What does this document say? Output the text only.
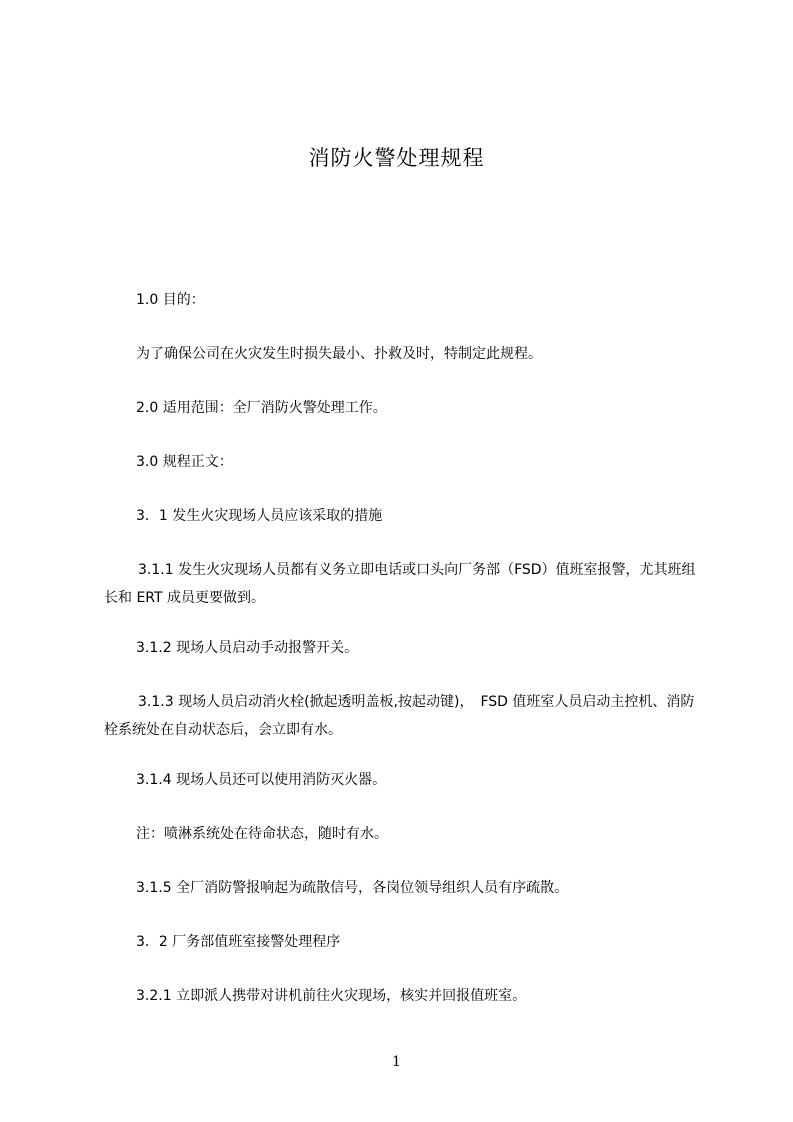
消防火警处理规程
1.0 目的：
为了确保公司在火灾发生时损失最小、扑救及时，特制定此规程。
2.0 适用范围：全厂消防火警处理工作。
3.0 规程正文：
3．1 发生火灾现场人员应该采取的措施
3.1.1 发生火灾现场人员都有义务立即电话或口头向厂务部（FSD）值班室报警，尤其班组长和 ERT 成员更要做到。
3.1.2 现场人员启动手动报警开关。
3.1.3 现场人员启动消火栓(掀起透明盖板,按起动键)，　FSD 值班室人员启动主控机、消防栓系统处在自动状态后，会立即有水。
3.1.4 现场人员还可以使用消防灭火器。
注：喷淋系统处在待命状态，随时有水。
3.1.5 全厂消防警报响起为疏散信号，各岗位领导组织人员有序疏散。
3．2 厂务部值班室接警处理程序
3.2.1 立即派人携带对讲机前往火灾现场，核实并回报值班室。
1
